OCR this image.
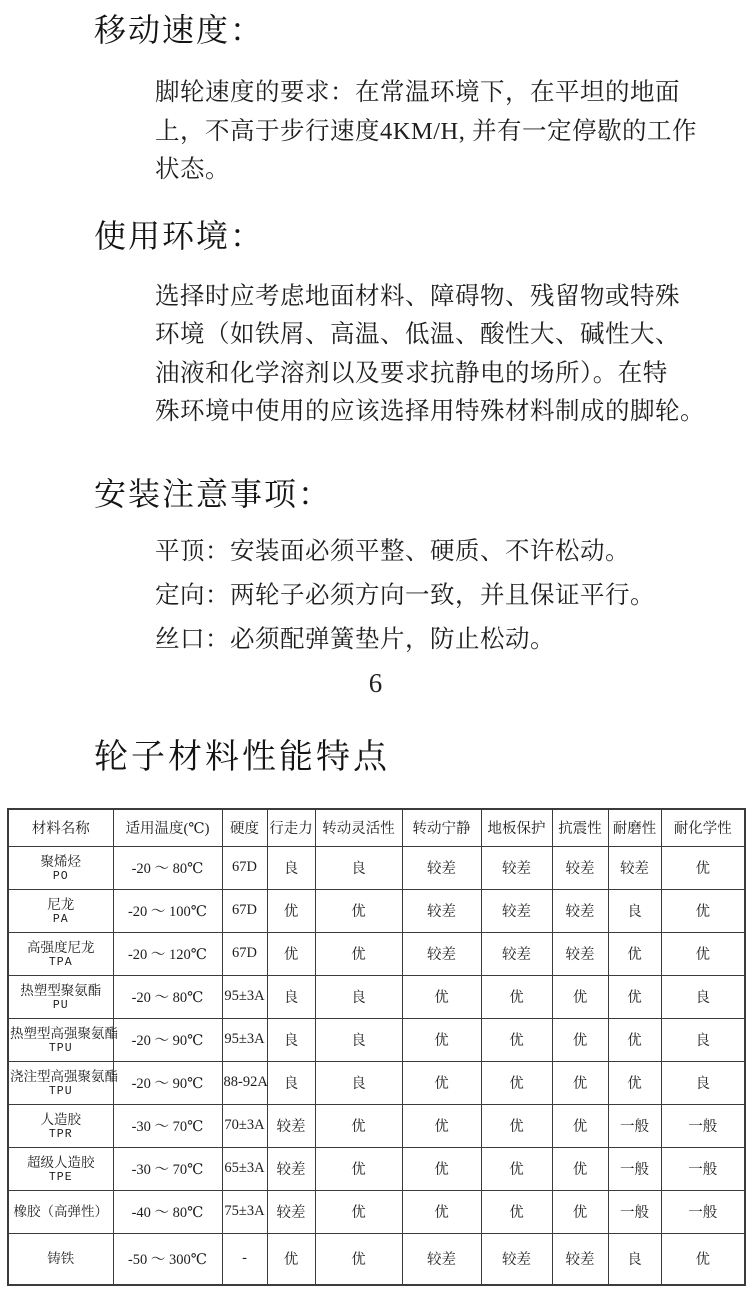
移动速度：
脚轮速度的要求：在常温环境下，在平坦的地面
上，不高于步行速度4KM/H, 并有一定停歇的工作
状态。
使用环境：
选择时应考虑地面材料、障碍物、残留物或特殊
环境（如铁屑、高温、低温、酸性大、碱性大、
油液和化学溶剂以及要求抗静电的场所）。在特
殊环境中使用的应该选择用特殊材料制成的脚轮。
安装注意事项：
平顶：安装面必须平整、硬质、不许松动。
定向：两轮子必须方向一致，并且保证平行。
丝口：必须配弹簧垫片，防止松动。
6
轮子材料性能特点
材料名称	适用温度(℃)	硬度	行走力	转动灵活性	转动宁静	地板保护	抗震性	耐磨性	耐化学性

聚烯烃
PO	-20 ～ 80℃	67D	良	良	较差	较差	较差	较差	优

尼龙
PA	-20 ～ 100℃	67D	优	优	较差	较差	较差	良	优

高强度尼龙
TPA	-20 ～ 120℃	67D	优	优	较差	较差	较差	优	优

热塑型聚氨酯
PU	-20 ～ 80℃	95±3A	良	良	优	优	优	优	良

热塑型高强聚氨酯
TPU	-20 ～ 90℃	95±3A	良	良	优	优	优	优	良

浇注型高强聚氨酯
TPU	-20 ～ 90℃	88-92A	良	良	优	优	优	优	良

人造胶
TPR	-30 ～ 70℃	70±3A	较差	优	优	优	优	一般	一般

超级人造胶
TPE	-30 ～ 70℃	65±3A	较差	优	优	优	优	一般	一般

橡胶（高弹性）	-40 ～ 80℃	75±3A	较差	优	优	优	优	一般	一般

铸铁	-50 ～ 300℃	-	优	优	较差	较差	较差	良	优
